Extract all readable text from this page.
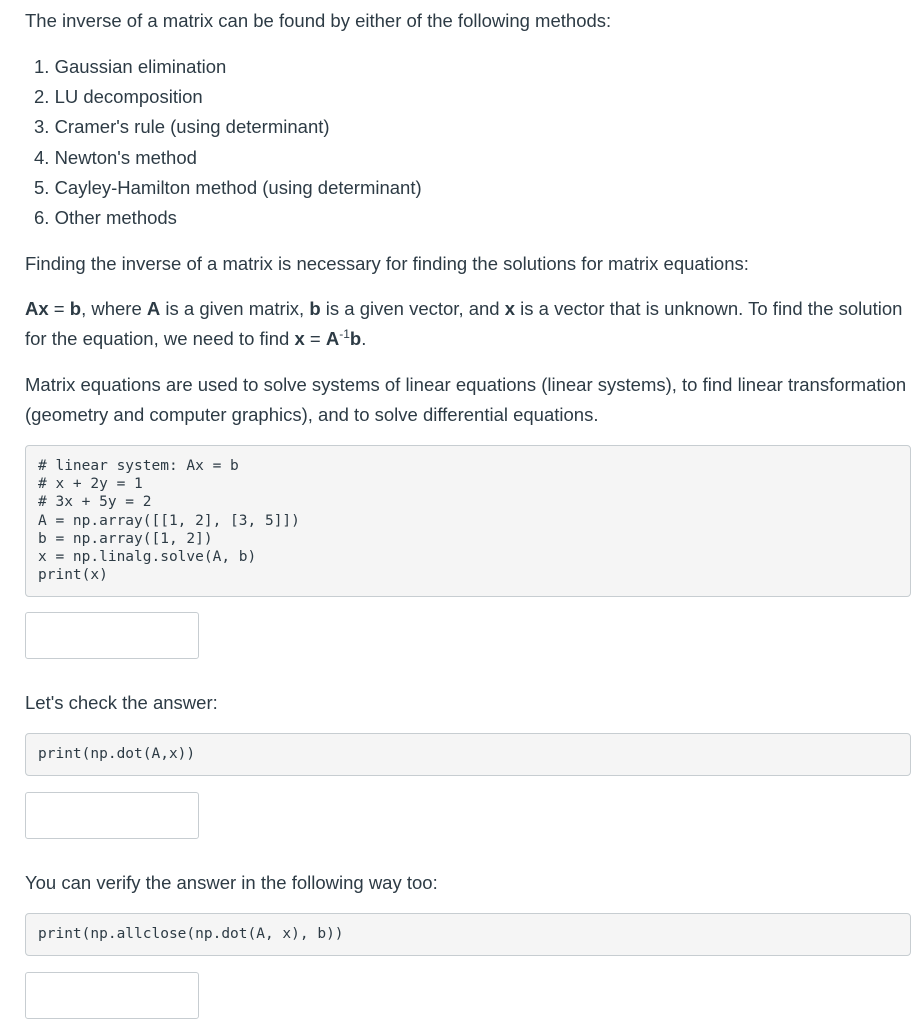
The inverse of a matrix can be found by either of the following methods:

1. Gaussian elimination
2. LU decomposition
3. Cramer's rule (using determinant)
4. Newton's method
5. Cayley-Hamilton method (using determinant)
6. Other methods

Finding the inverse of a matrix is necessary for finding the solutions for matrix equations:

Ax = b, where A is a given matrix, b is a given vector, and x is a vector that is unknown. To find the solution for the equation, we need to find $x = A^{-1}b$.

Matrix equations are used to solve systems of linear equations (linear systems), to find linear transformation (geometry and computer graphics), and to solve differential equations.

# linear system: Ax = b
# x + 2y = 1
# 3x + 5y = 2
A = np.array([[1, 2], [3, 5]])
b = np.array([1, 2])
x = np.linalg.solve(A, b)
print(x)

Let's check the answer:

print(np.dot(A,x))

You can verify the answer in the following way too:

print(np.allclose(np.dot(A, x), b))
